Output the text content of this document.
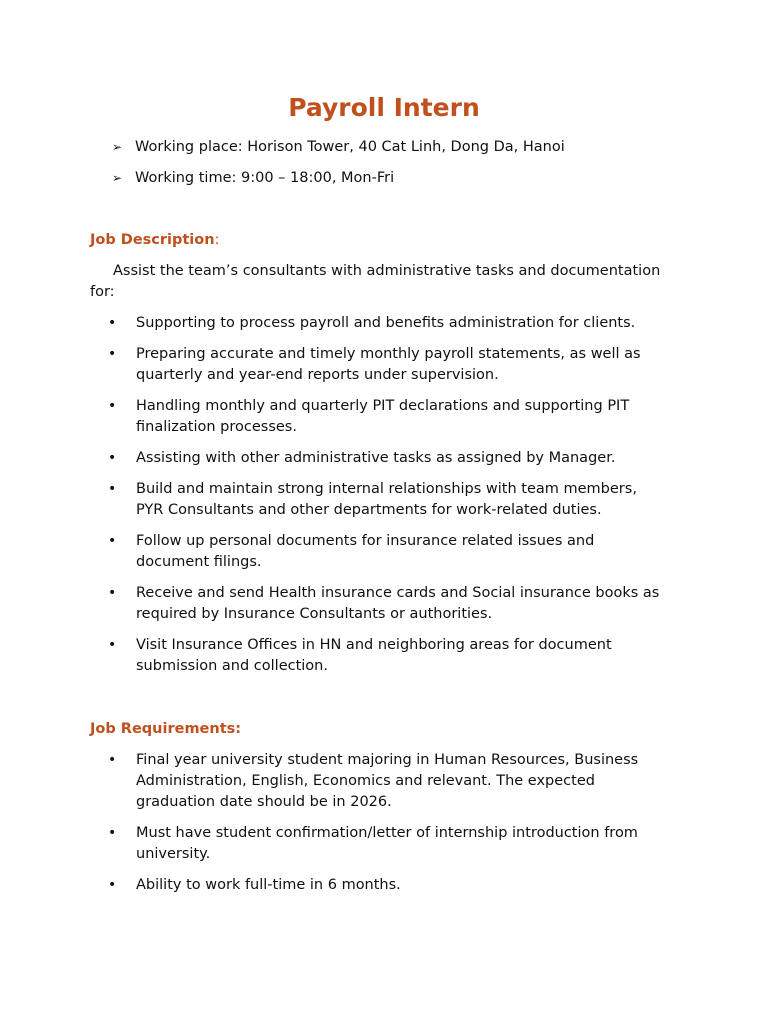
Payroll Intern
➢ Working place: Horison Tower, 40 Cat Linh, Dong Da, Hanoi
➢ Working time: 9:00 – 18:00, Mon-Fri
Job Description:

Assist the team’s consultants with administrative tasks and documentation for:

•	Supporting to process payroll and benefits administration for clients.
•	Preparing accurate and timely monthly payroll statements, as well as quarterly and year-end reports under supervision.
•	Handling monthly and quarterly PIT declarations and supporting PIT finalization processes.
•	Assisting with other administrative tasks as assigned by Manager.
•	Build and maintain strong internal relationships with team members, PYR Consultants and other departments for work-related duties.
•	Follow up personal documents for insurance related issues and document filings.
•	Receive and send Health insurance cards and Social insurance books as required by Insurance Consultants or authorities.
•	Visit Insurance Offices in HN and neighboring areas for document submission and collection.
Job Requirements:
•	Final year university student majoring in Human Resources, Business Administration, English, Economics and relevant. The expected graduation date should be in 2026.
•	Must have student confirmation/letter of internship introduction from university.
•	Ability to work full-time in 6 months.
